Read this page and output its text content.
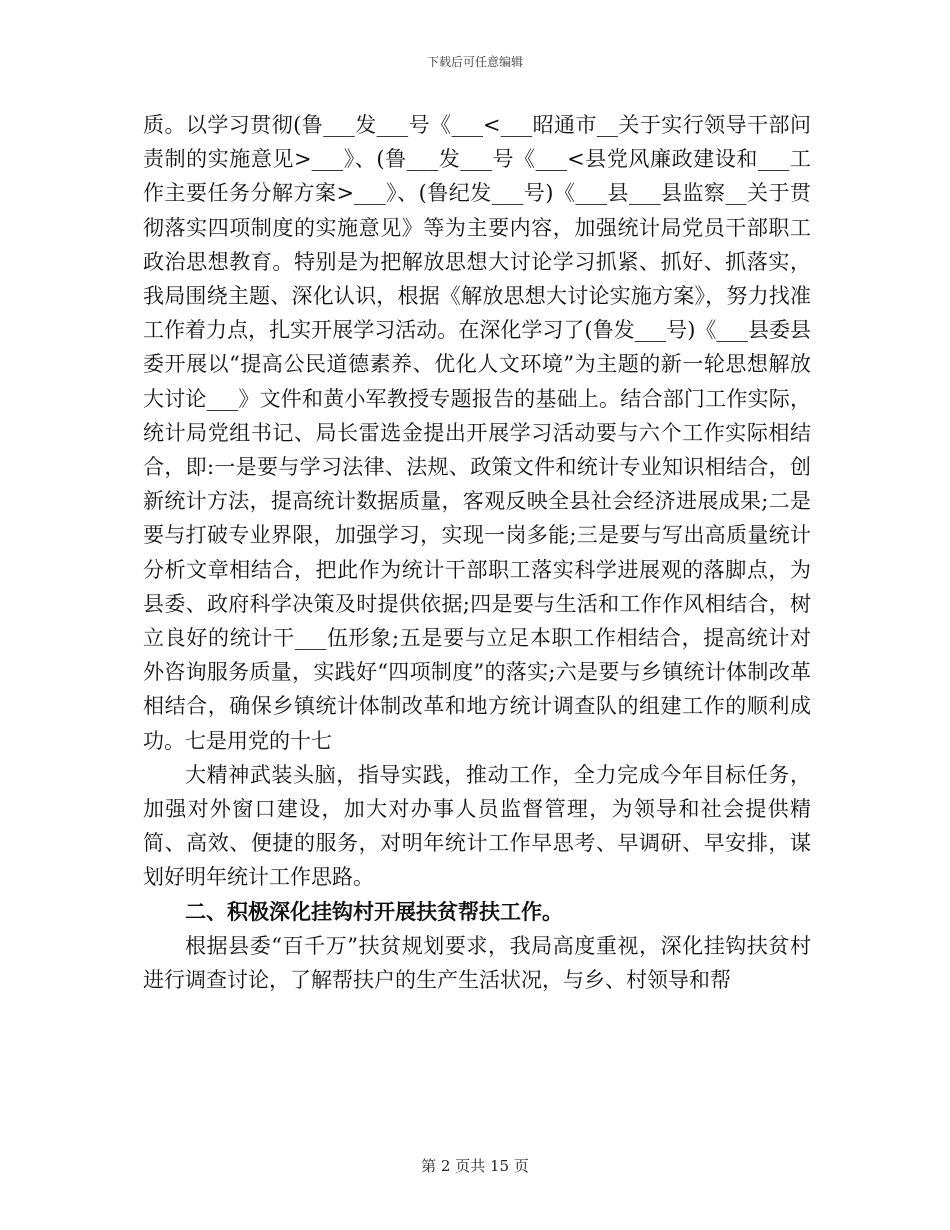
下载后可任意编辑

质。以学习贯彻(鲁___发___号《___<___昭通市__关于实行领导干部问责制的实施意见>___》、(鲁___发___号《___<县党风廉政建设和___工作主要任务分解方案>___》、(鲁纪发___号)《___县___县监察__关于贯彻落实四项制度的实施意见》等为主要内容，加强统计局党员干部职工政治思想教育。特别是为把解放思想大讨论学习抓紧、抓好、抓落实，我局围绕主题、深化认识，根据《解放思想大讨论实施方案》，努力找准工作着力点，扎实开展学习活动。在深化学习了(鲁发___号)《___县委县委开展以“提高公民道德素养、优化人文环境”为主题的新一轮思想解放大讨论___》文件和黄小军教授专题报告的基础上。结合部门工作实际，统计局党组书记、局长雷选金提出开展学习活动要与六个工作实际相结合，即:一是要与学习法律、法规、政策文件和统计专业知识相结合，创新统计方法，提高统计数据质量，客观反映全县社会经济进展成果;二是要与打破专业界限，加强学习，实现一岗多能;三是要与写出高质量统计分析文章相结合，把此作为统计干部职工落实科学进展观的落脚点，为县委、政府科学决策及时提供依据;四是要与生活和工作作风相结合，树立良好的统计干___伍形象;五是要与立足本职工作相结合，提高统计对外咨询服务质量，实践好“四项制度”的落实;六是要与乡镇统计体制改革相结合，确保乡镇统计体制改革和地方统计调查队的组建工作的顺利成功。七是用党的十七

大精神武装头脑，指导实践，推动工作，全力完成今年目标任务，加强对外窗口建设，加大对办事人员监督管理，为领导和社会提供精简、高效、便捷的服务，对明年统计工作早思考、早调研、早安排，谋划好明年统计工作思路。

二、积极深化挂钩村开展扶贫帮扶工作。

根据县委“百千万”扶贫规划要求，我局高度重视，深化挂钩扶贫村进行调查讨论，了解帮扶户的生产生活状况，与乡、村领导和帮

第 2 页共 15 页
